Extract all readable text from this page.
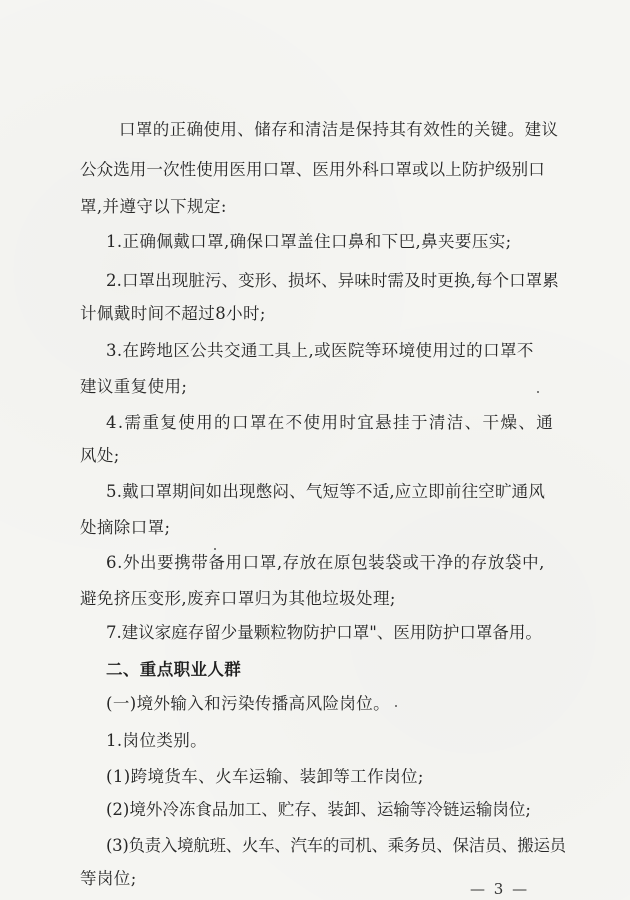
口罩的正确使用、储存和清洁是保持其有效性的关键。建议
公众选用一次性使用医用口罩、医用外科口罩或以上防护级别口
罩,并遵守以下规定:
1.正确佩戴口罩,确保口罩盖住口鼻和下巴,鼻夹要压实;
2.口罩出现脏污、变形、损坏、异味时需及时更换,每个口罩累
计佩戴时间不超过8小时;
3.在跨地区公共交通工具上,或医院等环境使用过的口罩不
建议重复使用;
4.需重复使用的口罩在不使用时宜悬挂于清洁、干燥、通
风处;
5.戴口罩期间如出现憋闷、气短等不适,应立即前往空旷通风
处摘除口罩;
6.外出要携带备用口罩,存放在原包装袋或干净的存放袋中,
避免挤压变形,废弃口罩归为其他垃圾处理;
7.建议家庭存留少量颗粒物防护口罩"、医用防护口罩备用。
二、重点职业人群
(一)境外输入和污染传播高风险岗位。
1.岗位类别。
(1)跨境货车、火车运输、装卸等工作岗位;
(2)境外冷冻食品加工、贮存、装卸、运输等冷链运输岗位;
(3)负责入境航班、火车、汽车的司机、乘务员、保洁员、搬运员
等岗位;
— 3 —
